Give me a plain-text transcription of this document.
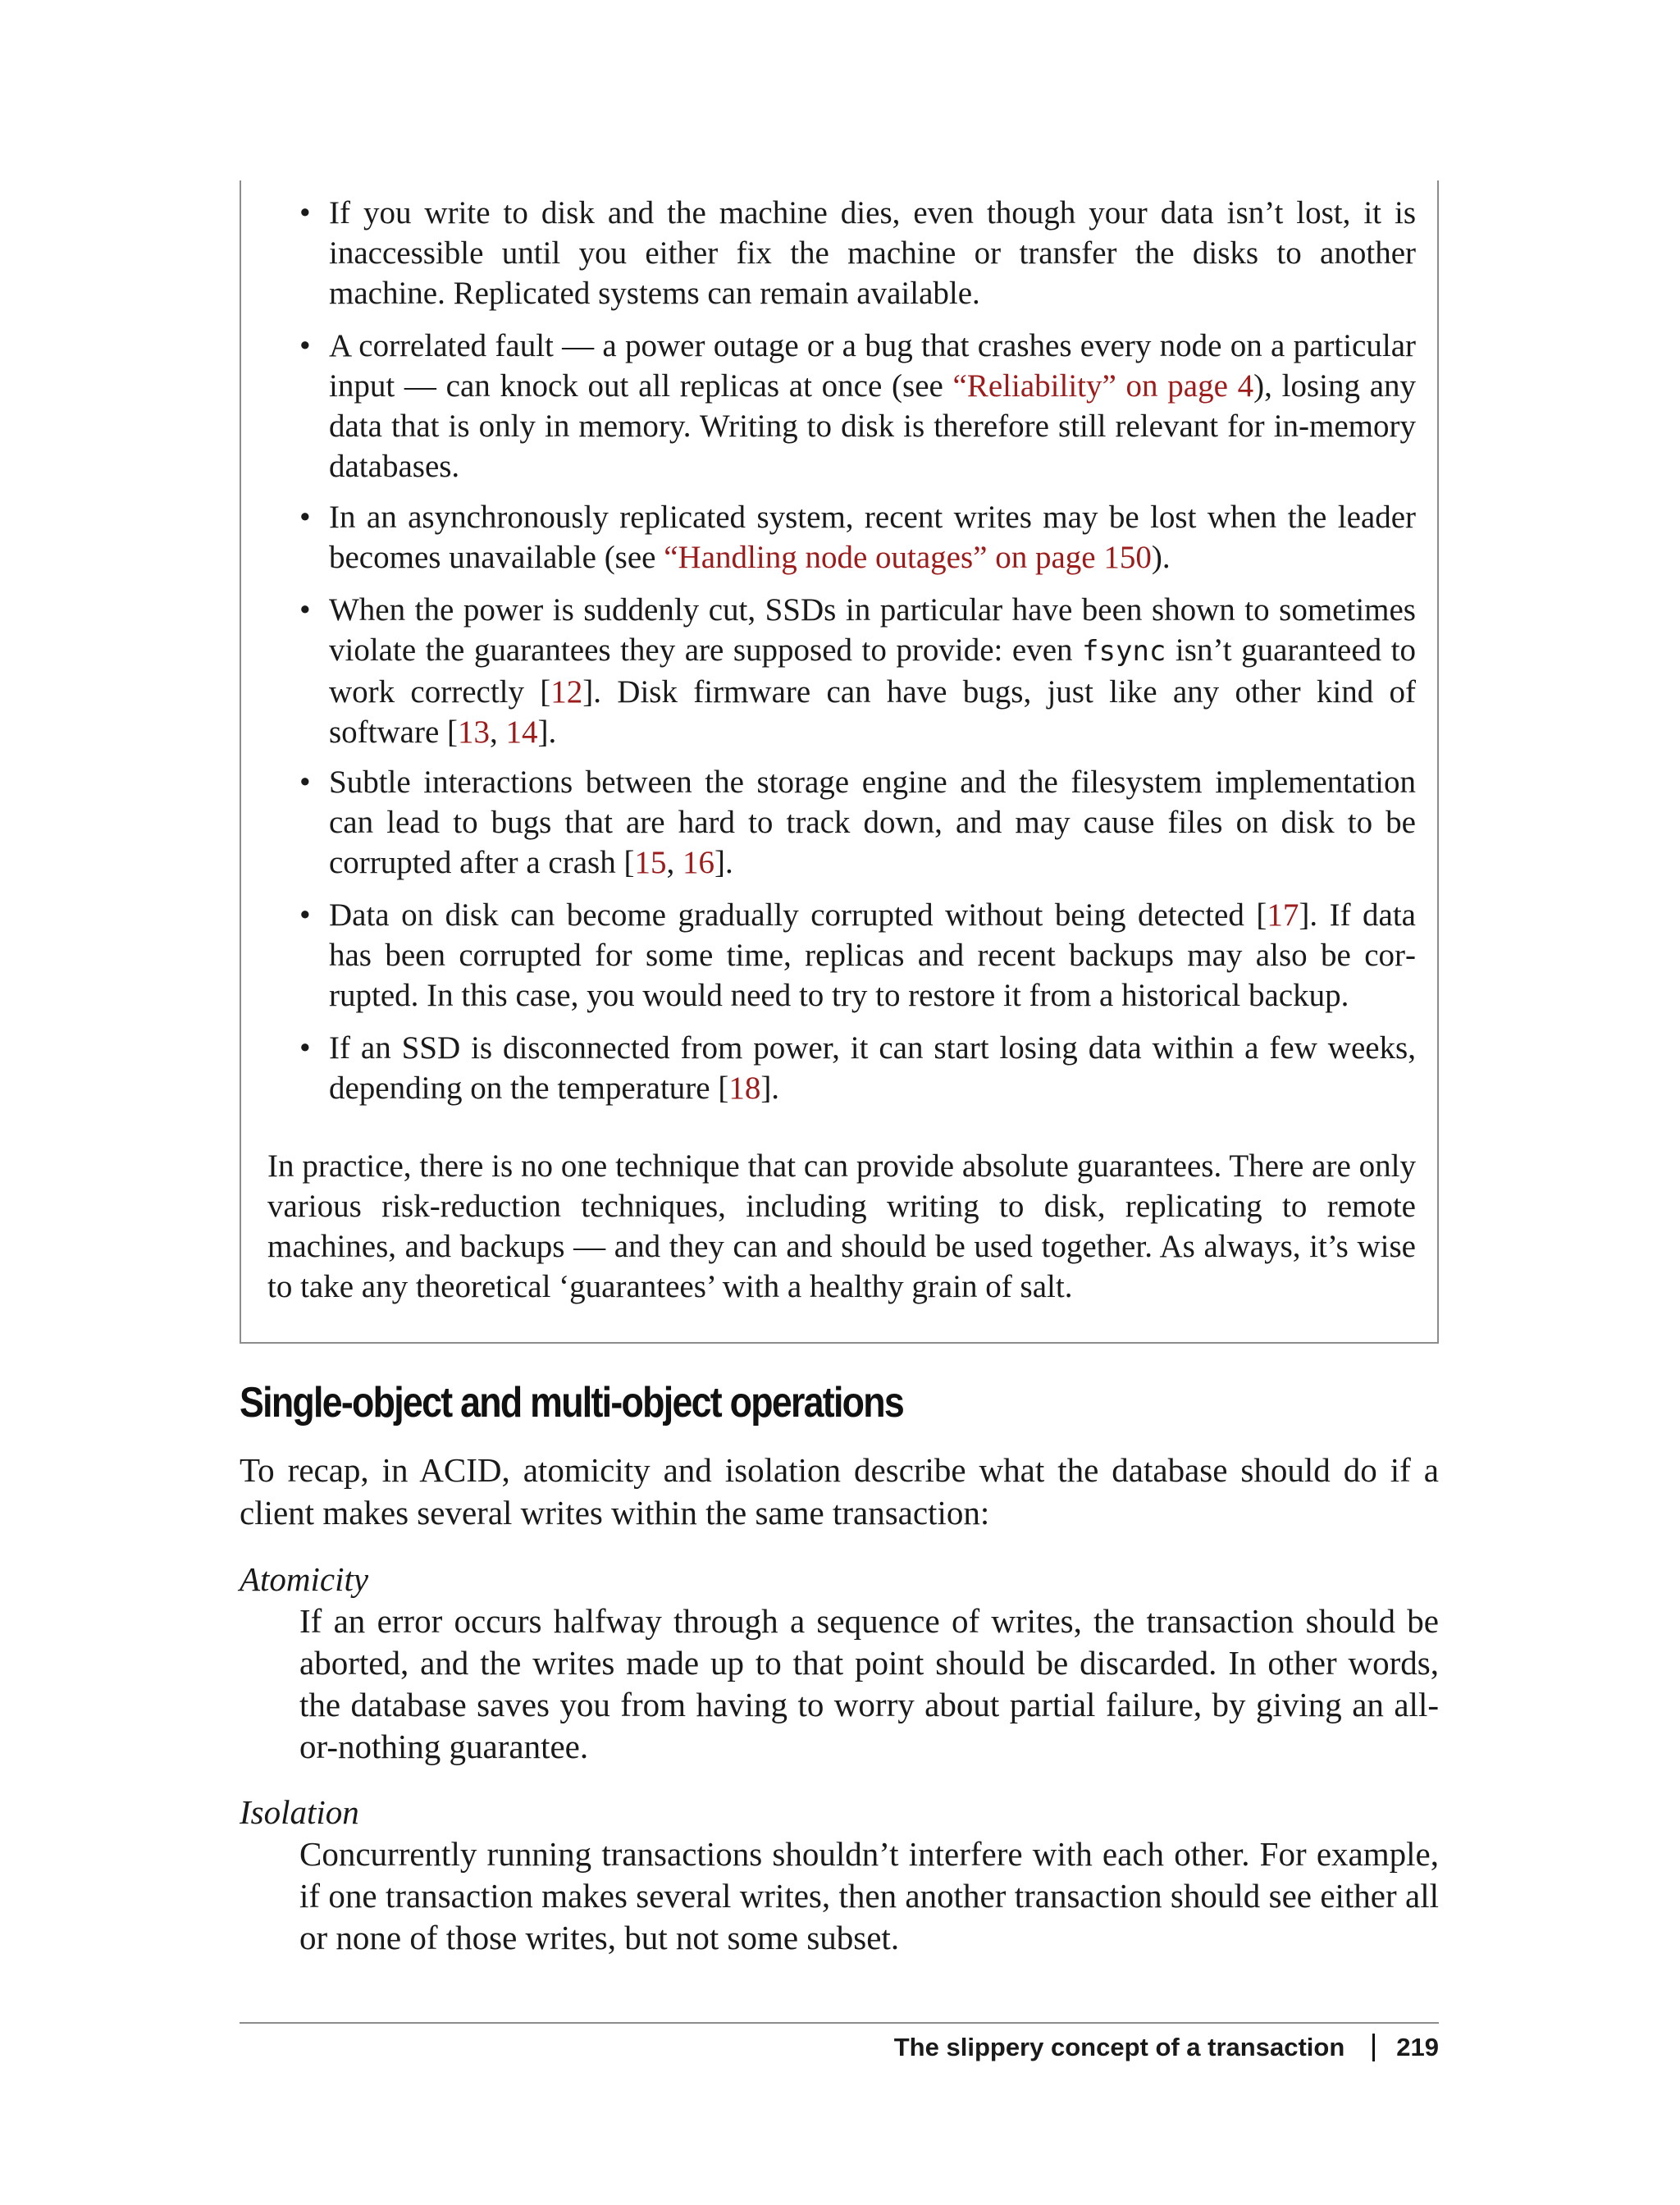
• If you write to disk and the machine dies, even though your data isn’t lost, it is inaccessible until you either fix the machine or transfer the disks to another machine. Replicated systems can remain available.
• A correlated fault — a power outage or a bug that crashes every node on a particular input — can knock out all replicas at once (see “Reliability” on page 4), losing any data that is only in memory. Writing to disk is therefore still relevant for in-memory databases.
• In an asynchronously replicated system, recent writes may be lost when the leader becomes unavailable (see “Handling node outages” on page 150).
• When the power is suddenly cut, SSDs in particular have been shown to sometimes violate the guarantees they are supposed to provide: even fsync isn’t guaranteed to work correctly [12]. Disk firmware can have bugs, just like any other kind of software [13, 14].
• Subtle interactions between the storage engine and the filesystem implementation can lead to bugs that are hard to track down, and may cause files on disk to be corrupted after a crash [15, 16].
• Data on disk can become gradually corrupted without being detected [17]. If data has been corrupted for some time, replicas and recent backups may also be corrupted. In this case, you would need to try to restore it from a historical backup.
• If an SSD is disconnected from power, it can start losing data within a few weeks, depending on the temperature [18].

In practice, there is no one technique that can provide absolute guarantees. There are only various risk-reduction techniques, including writing to disk, replicating to remote machines, and backups — and they can and should be used together. As always, it’s wise to take any theoretical ‘guarantees’ with a healthy grain of salt.

Single-object and multi-object operations

To recap, in ACID, atomicity and isolation describe what the database should do if a client makes several writes within the same transaction:

Atomicity

If an error occurs halfway through a sequence of writes, the transaction should be aborted, and the writes made up to that point should be discarded. In other words, the database saves you from having to worry about partial failure, by giving an all-or-nothing guarantee.

Isolation

Concurrently running transactions shouldn’t interfere with each other. For example, if one transaction makes several writes, then another transaction should see either all or none of those writes, but not some subset.

The slippery concept of a transaction 219
